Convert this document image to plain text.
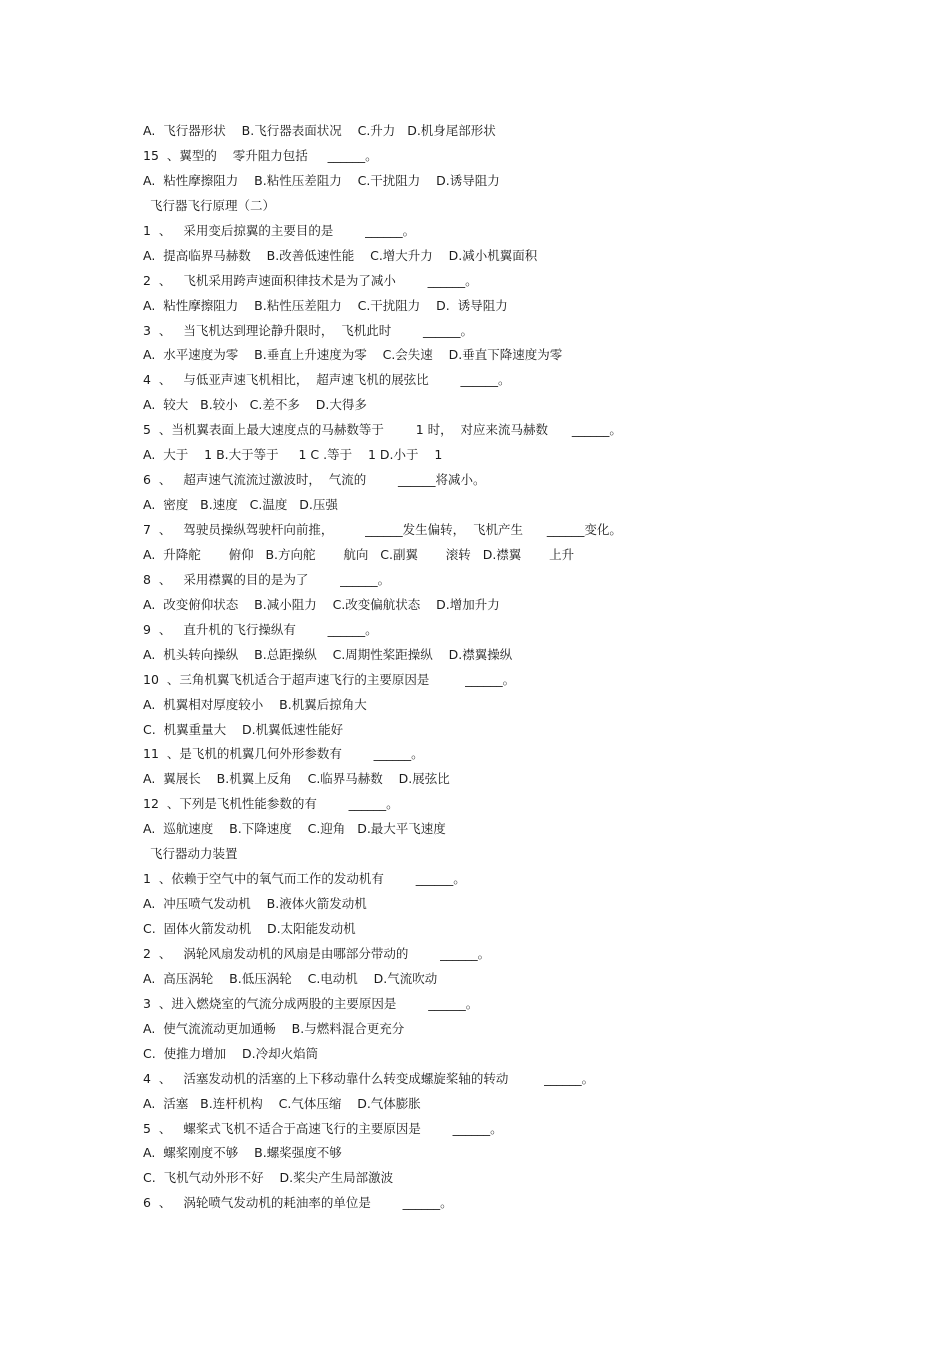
A.  飞行器形状    B.飞行器表面状况    C.升力   D.机身尾部形状
15  、翼型的    零升阻力包括     ______。
A.  粘性摩擦阻力    B.粘性压差阻力    C.干扰阻力    D.诱导阻力
飞行器飞行原理（二）
1  、   采用变后掠翼的主要目的是        ______。
A.  提高临界马赫数    B.改善低速性能    C.增大升力    D.减小机翼面积
2  、   飞机采用跨声速面积律技术是为了减小        ______。
A.  粘性摩擦阻力    B.粘性压差阻力    C.干扰阻力    D.  诱导阻力
3  、   当飞机达到理论静升限时，  飞机此时        ______。
A.  水平速度为零    B.垂直上升速度为零    C.会失速    D.垂直下降速度为零
4  、   与低亚声速飞机相比，  超声速飞机的展弦比        ______。
A.  较大   B.较小   C.差不多    D.大得多
5  、当机翼表面上最大速度点的马赫数等于        1 时，  对应来流马赫数      ______。
A.  大于    1 B.大于等于     1 C .等于    1 D.小于    1
6  、   超声速气流流过激波时，  气流的        ______将减小。
A.  密度   B.速度   C.温度   D.压强
7  、   驾驶员操纵驾驶杆向前推，        ______发生偏转，  飞机产生      ______变化。
A.  升降舵       俯仰   B.方向舵       航向   C.副翼       滚转   D.襟翼       上升
8  、   采用襟翼的目的是为了        ______。
A.  改变俯仰状态    B.减小阻力    C.改变偏航状态    D.增加升力
9  、   直升机的飞行操纵有        ______。
A.  机头转向操纵    B.总距操纵    C.周期性桨距操纵    D.襟翼操纵
10  、三角机翼飞机适合于超声速飞行的主要原因是         ______。
A.  机翼相对厚度较小    B.机翼后掠角大
C.  机翼重量大    D.机翼低速性能好
11  、是飞机的机翼几何外形参数有        ______。
A.  翼展长    B.机翼上反角    C.临界马赫数    D.展弦比
12  、下列是飞机性能参数的有        ______。
A.  巡航速度    B.下降速度    C.迎角   D.最大平飞速度
飞行器动力装置
1  、依赖于空气中的氧气而工作的发动机有        ______。
A.  冲压喷气发动机    B.液体火箭发动机
C.  固体火箭发动机    D.太阳能发动机
2  、   涡轮风扇发动机的风扇是由哪部分带动的        ______。
A.  高压涡轮    B.低压涡轮    C.电动机    D.气流吹动
3  、进入燃烧室的气流分成两股的主要原因是        ______。
A.  使气流流动更加通畅    B.与燃料混合更充分
C.  使推力增加    D.冷却火焰筒
4  、   活塞发动机的活塞的上下移动靠什么转变成螺旋桨轴的转动         ______。
A.  活塞   B.连杆机构    C.气体压缩    D.气体膨胀
5  、   螺桨式飞机不适合于高速飞行的主要原因是        ______。
A.  螺桨刚度不够    B.螺桨强度不够
C.  飞机气动外形不好    D.桨尖产生局部激波
6  、   涡轮喷气发动机的耗油率的单位是        ______。
